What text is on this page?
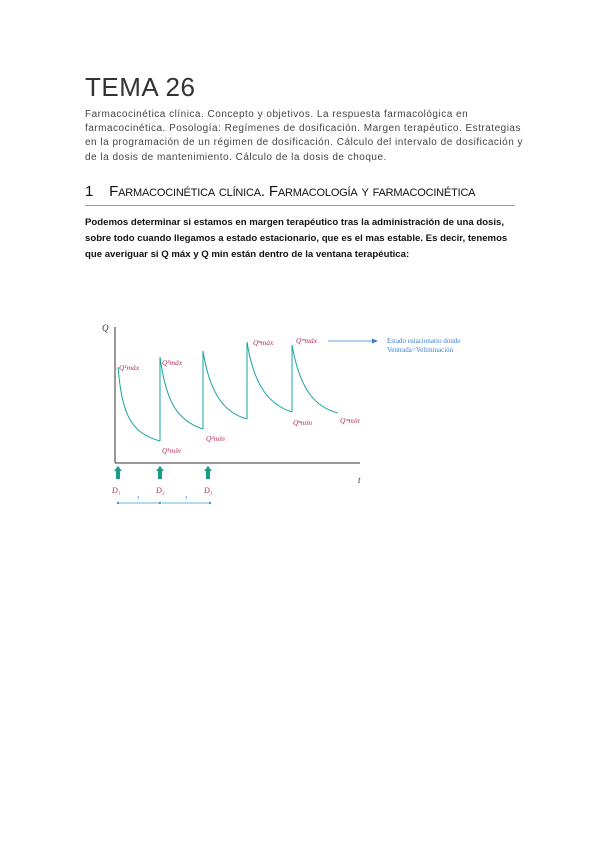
TEMA 26
Farmacocinética clínica. Concepto y objetivos. La respuesta farmacológica en farmacocinética. Posología: Regímenes de dosificación. Margen terapéutico. Estrategias en la programación de un régimen de dosificación. Cálculo del intervalo de dosificación y de la dosis de mantenimiento. Cálculo de la dosis de choque.
1 Farmacocinética clínica. Farmacología y farmacocinética
Podemos determinar si estamos en margen terapéutico tras la administración de una dosis, sobre todo cuando llegamos a estado estacionario, que es el mas estable. Es decir, tenemos que averiguar si Q máx y Q min están dentro de la ventana terapéutica:
Q
t
Q¹máx
Q²máx
Qⁿmáx	Qᵐmáx
Q¹mín
Q²mín
Qⁿmín	Qᵐmín
Estado estacionario donde
Ventrada=Veliminación
D₁	D₂	D₃
τ	τ
